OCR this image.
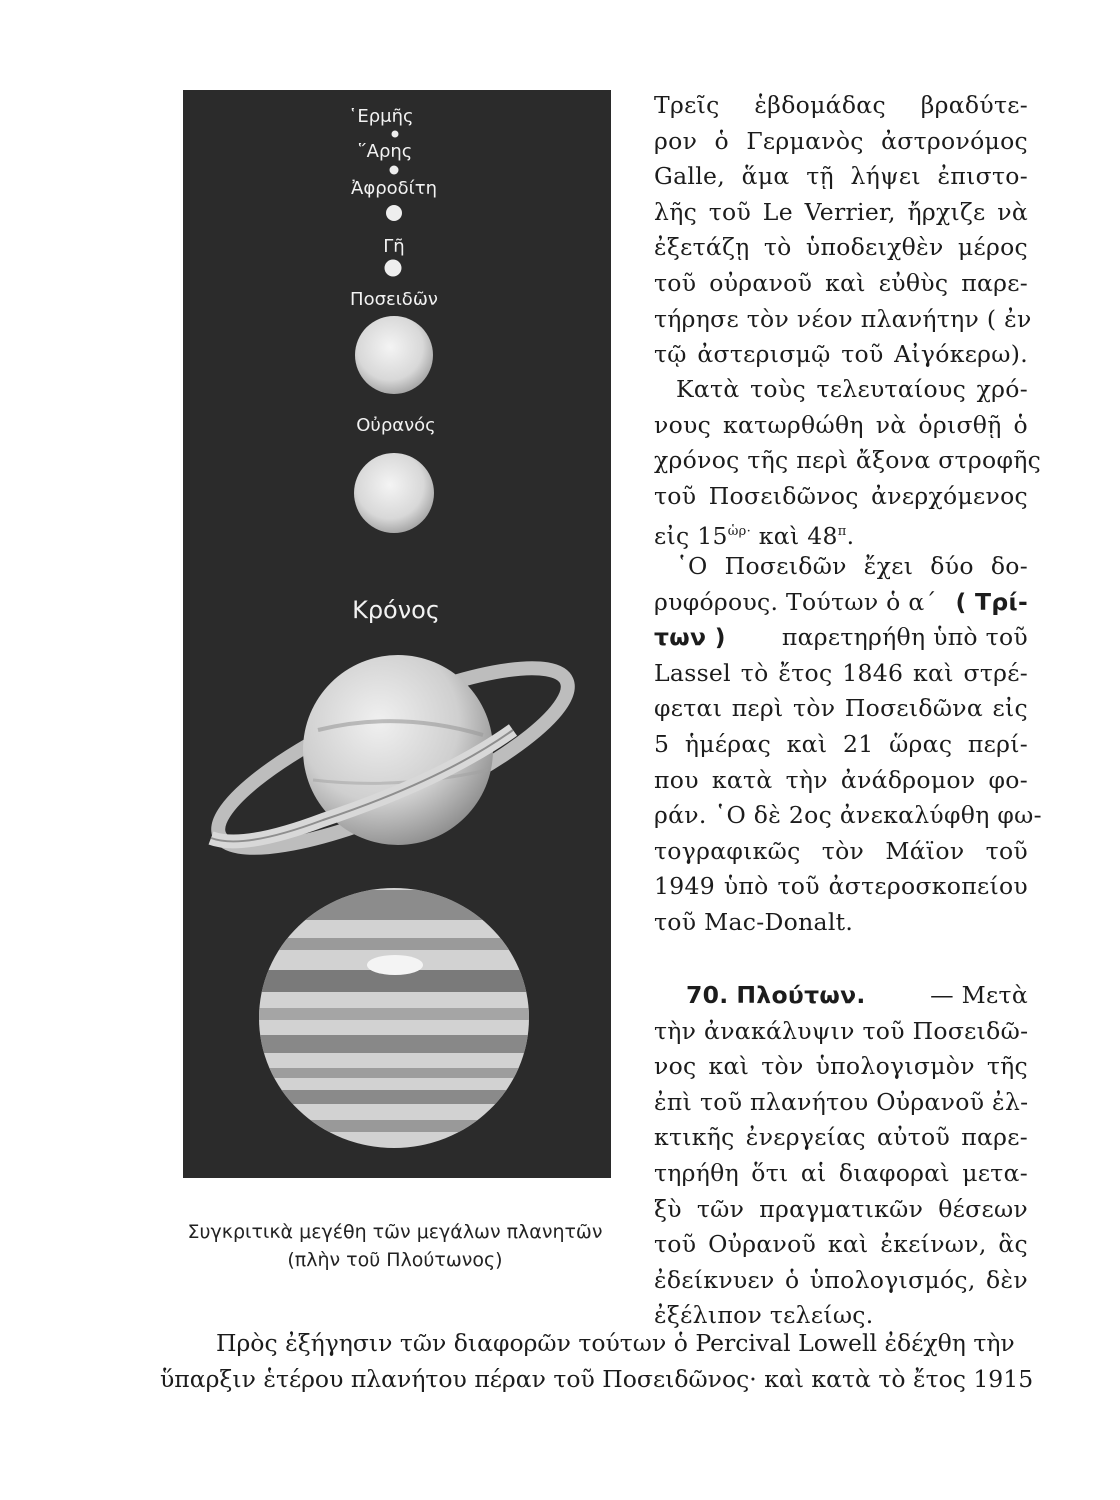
῾Ερμῆς
῞Αρης
Ἀφροδίτη
Γῆ
Ποσειδῶν
Οὐρανός
Κρόνος
Συγκριτικὰ μεγέθη τῶν μεγάλων πλανητῶν
(πλὴν τοῦ Πλούτωνος)
Τρεῖς ἑβδομάδας βραδύτε-
ρον ὁ Γερμανὸς ἀστρονόμος
Galle, ἅμα τῇ λήψει ἐπιστο-
λῆς τοῦ Le Verrier, ἤρχιζε νὰ
ἐξετάζῃ τὸ ὑποδειχθὲν μέρος
τοῦ οὐρανοῦ καὶ εὐθὺς παρε-
τήρησε τὸν νέον πλανήτην ( ἐν
τῷ ἀστερισμῷ τοῦ Αἰγόκερω).
Κατὰ τοὺς τελευταίους χρό-
νους κατωρθώθη νὰ ὁρισθῇ ὁ
χρόνος τῆς περὶ ἄξονα στροφῆς
τοῦ Ποσειδῶνος ἀνερχόμενος
εἰς $15^{ὡ\rho\cdot}$ καὶ $48^\pi$.
῾Ο Ποσειδῶν ἔχει δύο δο-
ρυφόρους. Τούτων ὁ α΄ ( Τρί-
των ) παρετηρήθη ὑπὸ τοῦ
Lassel τὸ ἔτος 1846 καὶ στρέ-
φεται περὶ τὸν Ποσειδῶνα εἰς
5 ἡμέρας καὶ 21 ὥρας περί-
που κατὰ τὴν ἀνάδρομον φο-
ράν. ῾Ο δὲ 2ος ἀνεκαλύφθη φω-
τογραφικῶς τὸν Μάϊον τοῦ
1949 ὑπὸ τοῦ ἀστεροσκοπείου
τοῦ Mac-Donalt.
70. Πλούτων.	— Μετὰ
τὴν ἀνακάλυψιν τοῦ Ποσειδῶ-
νος καὶ τὸν ὑπολογισμὸν τῆς
ἐπὶ τοῦ πλανήτου Οὐρανοῦ ἐλ-
κτικῆς ἐνεργείας αὐτοῦ παρε-
τηρήθη ὅτι αἱ διαφοραὶ μετα-
ξὺ τῶν πραγματικῶν θέσεων
τοῦ Οὐρανοῦ καὶ ἐκείνων, ἃς
ἐδείκνυεν ὁ ὑπολογισμός, δὲν
ἐξέλιπον τελείως.
Πρὸς ἐξήγησιν τῶν διαφορῶν τούτων ὁ Percival Lowell ἐδέχθη τὴν
ὕπαρξιν ἑτέρου πλανήτου πέραν τοῦ Ποσειδῶνος· καὶ κατὰ τὸ ἔτος 1915
